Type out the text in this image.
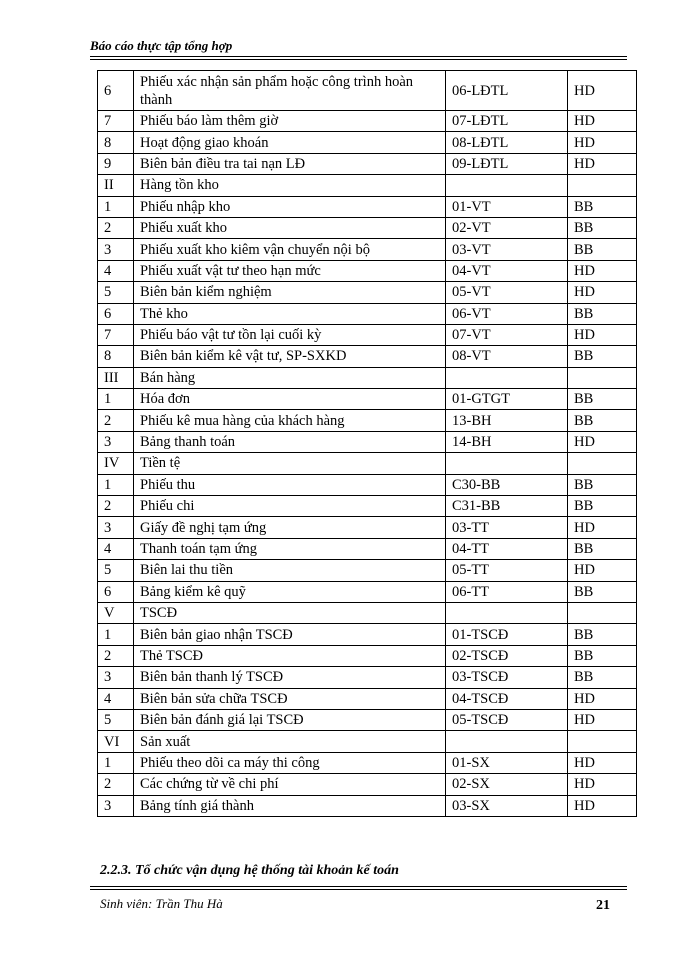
Báo cáo thực tập tổng hợp
6	Phiếu xác nhận sản phẩm hoặc công trình hoàn thành	06-LĐTL	HD
7	Phiếu báo làm thêm giờ	07-LĐTL	HD
8	Hoạt động giao khoán	08-LĐTL	HD
9	Biên bản điều tra tai nạn LĐ	09-LĐTL	HD
II	Hàng tồn kho		
1	Phiếu nhập kho	01-VT	BB
2	Phiếu xuất kho	02-VT	BB
3	Phiếu xuất kho kiêm vận chuyển nội bộ	03-VT	BB
4	Phiếu xuất vật tư theo hạn mức	04-VT	HD
5	Biên bản kiểm nghiệm	05-VT	HD
6	Thẻ kho	06-VT	BB
7	Phiếu báo vật tư tồn lại cuối kỳ	07-VT	HD
8	Biên bản kiểm kê vật tư, SP-SXKD	08-VT	BB
III	Bán hàng		
1	Hóa đơn	01-GTGT	BB
2	Phiếu kê mua hàng của khách hàng	13-BH	BB
3	Bảng thanh toán	14-BH	HD
IV	Tiền tệ		
1	Phiếu thu	C30-BB	BB
2	Phiếu chi	C31-BB	BB
3	Giấy đề nghị tạm ứng	03-TT	HD
4	Thanh toán tạm ứng	04-TT	BB
5	Biên lai thu tiền	05-TT	HD
6	Bảng kiểm kê quỹ	06-TT	BB
V	TSCĐ		
1	Biên bản giao nhận TSCĐ	01-TSCĐ	BB
2	Thẻ TSCĐ	02-TSCĐ	BB
3	Biên bản thanh lý TSCĐ	03-TSCĐ	BB
4	Biên bản sửa chữa TSCĐ	04-TSCĐ	HD
5	Biên bản đánh giá lại TSCĐ	05-TSCĐ	HD
VI	Sản xuất		
1	Phiếu theo dõi ca máy thi công	01-SX	HD
2	Các chứng từ về chi phí	02-SX	HD
3	Bảng tính giá thành	03-SX	HD
2.2.3. Tổ chức vận dụng hệ thống tài khoản kế toán
Sinh viên: Trần Thu Hà	21
